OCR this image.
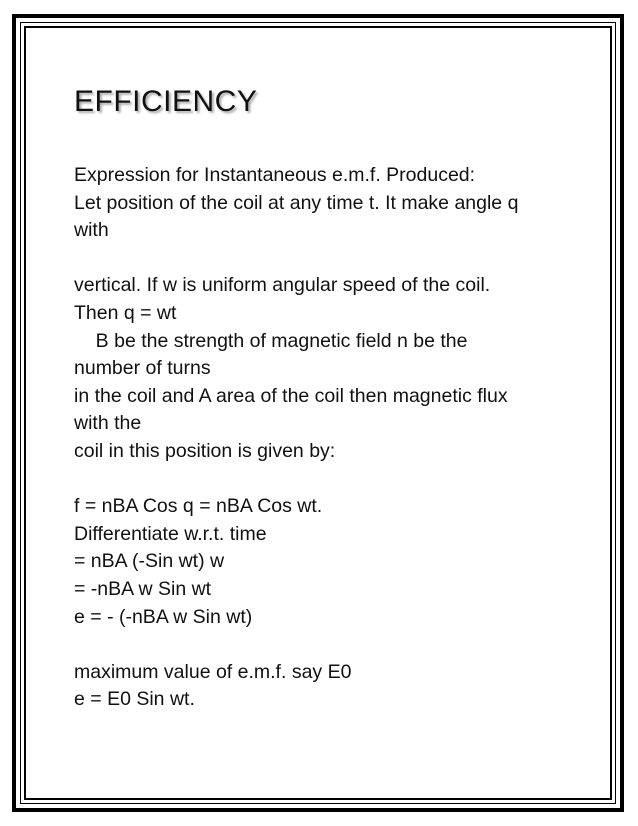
EFFICIENCY
Expression for Instantaneous e.m.f. Produced:
Let position of the coil at any time t. It make angle q
with
vertical. If w is uniform angular speed of the coil.
Then q = wt
B be the strength of magnetic field n be the
number of turns
in the coil and A area of the coil then magnetic flux
with the
coil in this position is given by:
f = nBA Cos q = nBA Cos wt.
Differentiate w.r.t. time
= nBA (-Sin wt) w
= -nBA w Sin wt
e = - (-nBA w Sin wt)
maximum value of e.m.f. say E0
e = E0 Sin wt.
